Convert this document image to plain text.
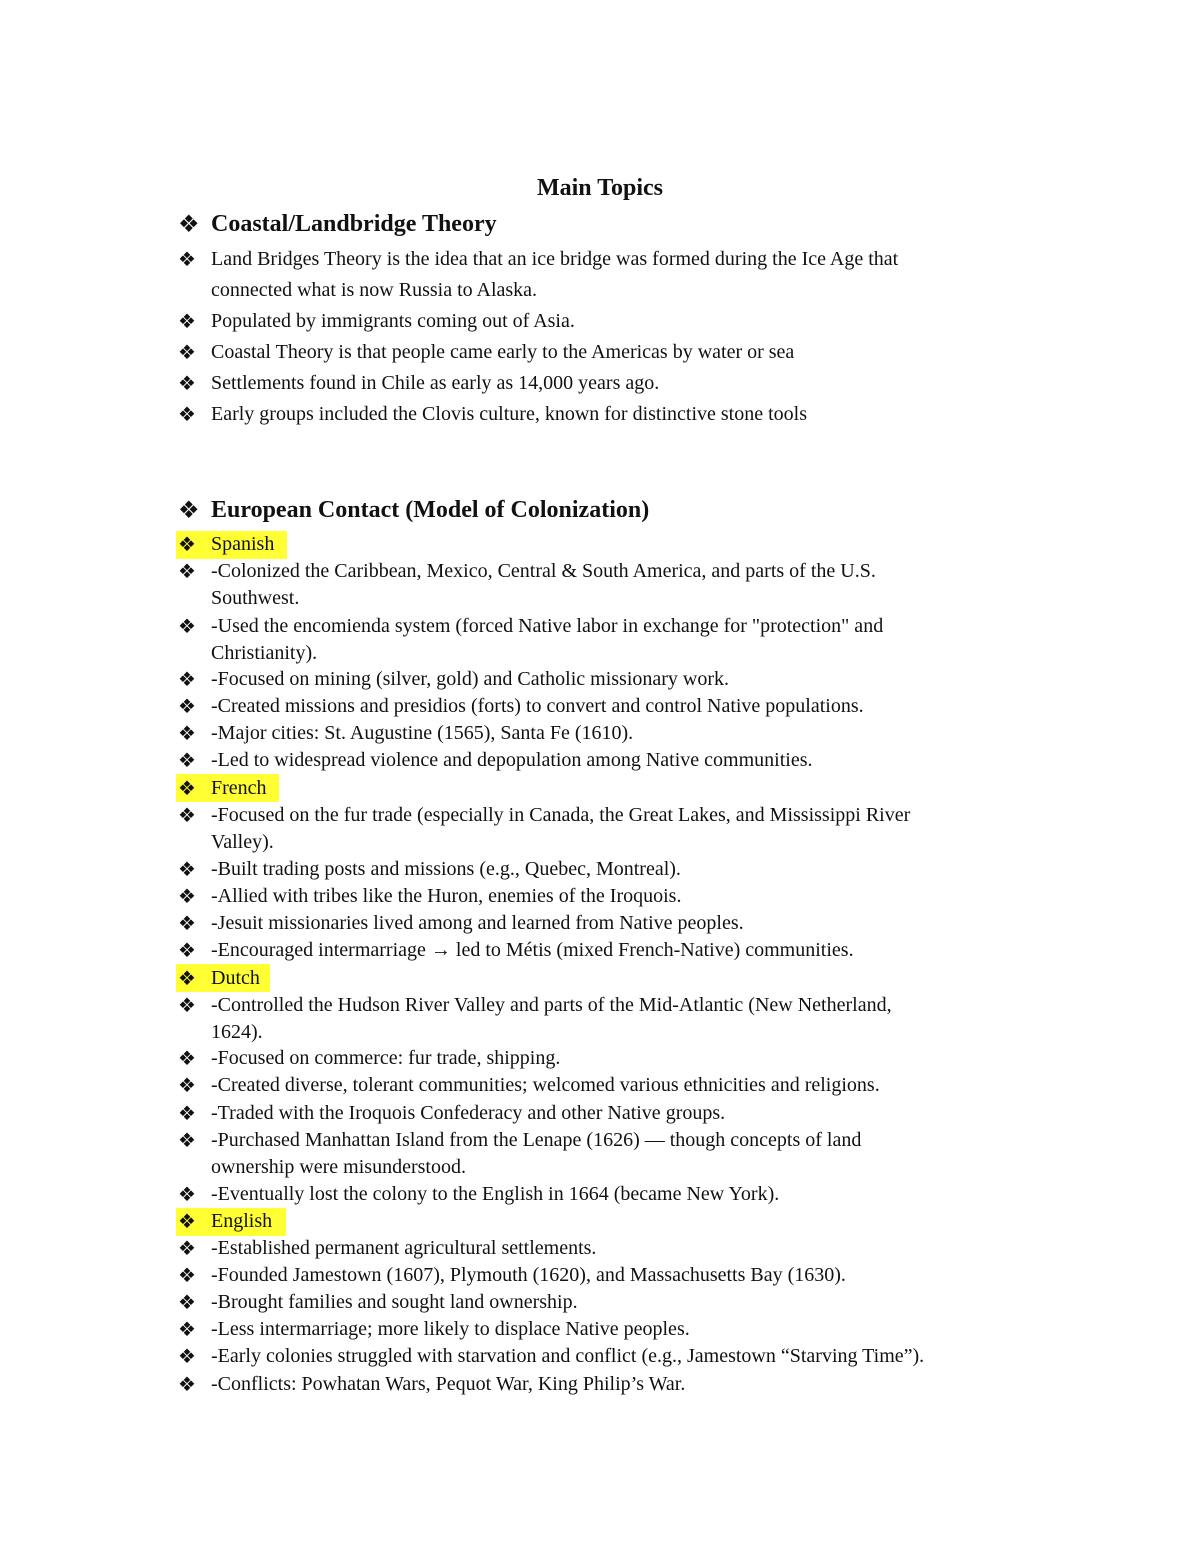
Main Topics
❖ Coastal/Landbridge Theory
❖ Land Bridges Theory is the idea that an ice bridge was formed during the Ice Age that
connected what is now Russia to Alaska.
❖ Populated by immigrants coming out of Asia.
❖ Coastal Theory is that people came early to the Americas by water or sea
❖ Settlements found in Chile as early as 14,000 years ago.
❖ Early groups included the Clovis culture, known for distinctive stone tools
❖ European Contact (Model of Colonization)
❖ Spanish
❖ -Colonized the Caribbean, Mexico, Central & South America, and parts of the U.S.
Southwest.
❖ -Used the encomienda system (forced Native labor in exchange for "protection" and
Christianity).
❖ -Focused on mining (silver, gold) and Catholic missionary work.
❖ -Created missions and presidios (forts) to convert and control Native populations.
❖ -Major cities: St. Augustine (1565), Santa Fe (1610).
❖ -Led to widespread violence and depopulation among Native communities.
❖ French
❖ -Focused on the fur trade (especially in Canada, the Great Lakes, and Mississippi River
Valley).
❖ -Built trading posts and missions (e.g., Quebec, Montreal).
❖ -Allied with tribes like the Huron, enemies of the Iroquois.
❖ -Jesuit missionaries lived among and learned from Native peoples.
❖ -Encouraged intermarriage → led to Métis (mixed French-Native) communities.
❖ Dutch
❖ -Controlled the Hudson River Valley and parts of the Mid-Atlantic (New Netherland,
1624).
❖ -Focused on commerce: fur trade, shipping.
❖ -Created diverse, tolerant communities; welcomed various ethnicities and religions.
❖ -Traded with the Iroquois Confederacy and other Native groups.
❖ -Purchased Manhattan Island from the Lenape (1626) — though concepts of land
ownership were misunderstood.
❖ -Eventually lost the colony to the English in 1664 (became New York).
❖ English
❖ -Established permanent agricultural settlements.
❖ -Founded Jamestown (1607), Plymouth (1620), and Massachusetts Bay (1630).
❖ -Brought families and sought land ownership.
❖ -Less intermarriage; more likely to displace Native peoples.
❖ -Early colonies struggled with starvation and conflict (e.g., Jamestown “Starving Time”).
❖ -Conflicts: Powhatan Wars, Pequot War, King Philip’s War.
